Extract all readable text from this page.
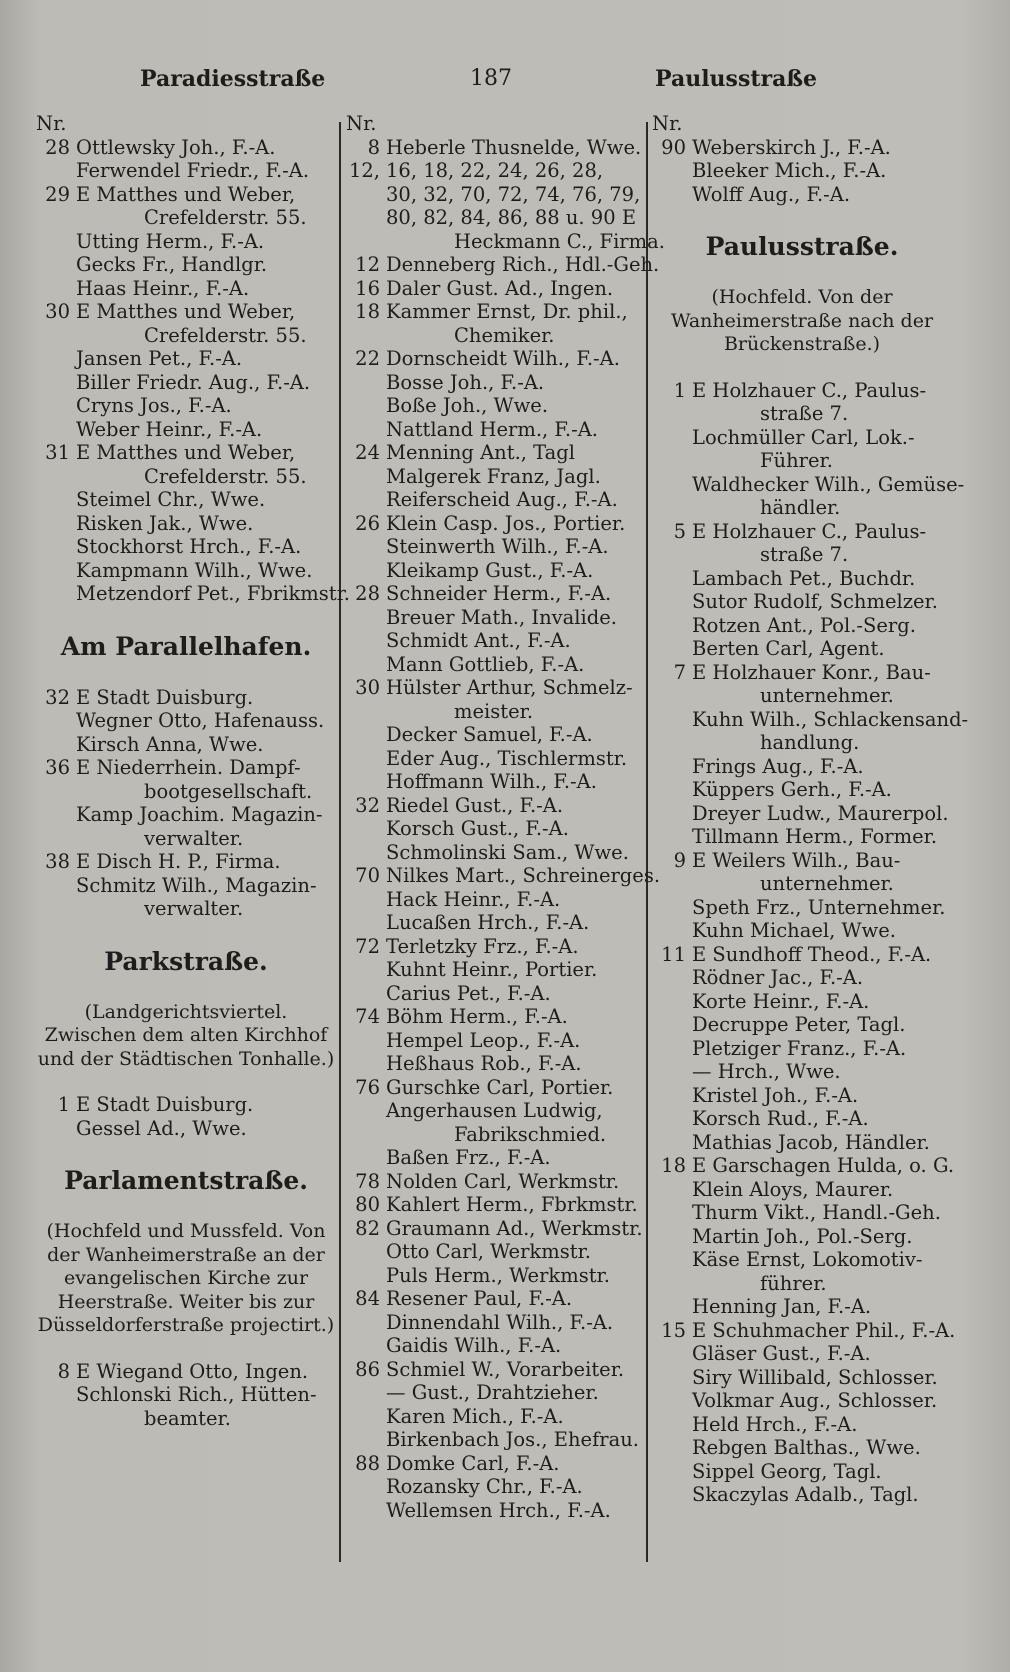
Paradiesstraße	187	Paulusstraße
Nr.
28 Ottlewsky Joh., F.-A.
Ferwendel Friedr., F.-A.
29 E Matthes und Weber,
Crefelderstr. 55.
Utting Herm., F.-A.
Gecks Fr., Handlgr.
Haas Heinr., F.-A.
30 E Matthes und Weber,
Crefelderstr. 55.
Jansen Pet., F.-A.
Biller Friedr. Aug., F.-A.
Cryns Jos., F.-A.
Weber Heinr., F.-A.
31 E Matthes und Weber,
Crefelderstr. 55.
Steimel Chr., Wwe.
Risken Jak., Wwe.
Stockhorst Hrch., F.-A.
Kampmann Wilh., Wwe.
Metzendorf Pet., Fbrikmstr.
Am Parallelhafen.
32 E Stadt Duisburg.
Wegner Otto, Hafenauss.
Kirsch Anna, Wwe.
36 E Niederrhein. Dampf-
bootgesellschaft.
Kamp Joachim. Magazin-
verwalter.
38 E Disch H. P., Firma.
Schmitz Wilh., Magazin-
verwalter.
Parkstraße.
(Landgerichtsviertel. Zwischen dem alten Kirchhof und der Städtischen Tonhalle.)
1 E Stadt Duisburg.
Gessel Ad., Wwe.
Parlamentstraße.
(Hochfeld und Mussfeld. Von der Wanheimerstraße an der evangelischen Kirche zur Heerstraße. Weiter bis zur Düsseldorferstraße projectirt.)
8 E Wiegand Otto, Ingen.
Schlonski Rich., Hütten-
beamter.
Nr.
8 Heberle Thusnelde, Wwe.
12, 16, 18, 22, 24, 26, 28,
30, 32, 70, 72, 74, 76, 79,
80, 82, 84, 86, 88 u. 90 E
Heckmann C., Firma.
12 Denneberg Rich., Hdl.-Geh.
16 Daler Gust. Ad., Ingen.
18 Kammer Ernst, Dr. phil.,
Chemiker.
22 Dornscheidt Wilh., F.-A.
Bosse Joh., F.-A.
Boße Joh., Wwe.
Nattland Herm., F.-A.
24 Menning Ant., Tagl
Malgerek Franz, Jagl.
Reiferscheid Aug., F.-A.
26 Klein Casp. Jos., Portier.
Steinwerth Wilh., F.-A.
Kleikamp Gust., F.-A.
28 Schneider Herm., F.-A.
Breuer Math., Invalide.
Schmidt Ant., F.-A.
Mann Gottlieb, F.-A.
30 Hülster Arthur, Schmelz-
meister.
Decker Samuel, F.-A.
Eder Aug., Tischlermstr.
Hoffmann Wilh., F.-A.
32 Riedel Gust., F.-A.
Korsch Gust., F.-A.
Schmolinski Sam., Wwe.
70 Nilkes Mart., Schreinerges.
Hack Heinr., F.-A.
Lucaßen Hrch., F.-A.
72 Terletzky Frz., F.-A.
Kuhnt Heinr., Portier.
Carius Pet., F.-A.
74 Böhm Herm., F.-A.
Hempel Leop., F.-A.
Heßhaus Rob., F.-A.
76 Gurschke Carl, Portier.
Angerhausen Ludwig,
Fabrikschmied.
Baßen Frz., F.-A.
78 Nolden Carl, Werkmstr.
80 Kahlert Herm., Fbrkmstr.
82 Graumann Ad., Werkmstr.
Otto Carl, Werkmstr.
Puls Herm., Werkmstr.
84 Resener Paul, F.-A.
Dinnendahl Wilh., F.-A.
Gaidis Wilh., F.-A.
86 Schmiel W., Vorarbeiter.
— Gust., Drahtzieher.
Karen Mich., F.-A.
Birkenbach Jos., Ehefrau.
88 Domke Carl, F.-A.
Rozansky Chr., F.-A.
Wellemsen Hrch., F.-A.
Nr.
90 Weberskirch J., F.-A.
Bleeker Mich., F.-A.
Wolff Aug., F.-A.
Paulusstraße.
(Hochfeld. Von der Wanheimerstraße nach der Brückenstraße.)
1 E Holzhauer C., Paulus-
straße 7.
Lochmüller Carl, Lok.-
Führer.
Waldhecker Wilh., Gemüse-
händler.
5 E Holzhauer C., Paulus-
straße 7.
Lambach Pet., Buchdr.
Sutor Rudolf, Schmelzer.
Rotzen Ant., Pol.-Serg.
Berten Carl, Agent.
7 E Holzhauer Konr., Bau-
unternehmer.
Kuhn Wilh., Schlackensand-
handlung.
Frings Aug., F.-A.
Küppers Gerh., F.-A.
Dreyer Ludw., Maurerpol.
Tillmann Herm., Former.
9 E Weilers Wilh., Bau-
unternehmer.
Speth Frz., Unternehmer.
Kuhn Michael, Wwe.
11 E Sundhoff Theod., F.-A.
Rödner Jac., F.-A.
Korte Heinr., F.-A.
Decruppe Peter, Tagl.
Pletziger Franz., F.-A.
— Hrch., Wwe.
Kristel Joh., F.-A.
Korsch Rud., F.-A.
Mathias Jacob, Händler.
18 E Garschagen Hulda, o. G.
Klein Aloys, Maurer.
Thurm Vikt., Handl.-Geh.
Martin Joh., Pol.-Serg.
Käse Ernst, Lokomotiv-
führer.
Henning Jan, F.-A.
15 E Schuhmacher Phil., F.-A.
Gläser Gust., F.-A.
Siry Willibald, Schlosser.
Volkmar Aug., Schlosser.
Held Hrch., F.-A.
Rebgen Balthas., Wwe.
Sippel Georg, Tagl.
Skaczylas Adalb., Tagl.
